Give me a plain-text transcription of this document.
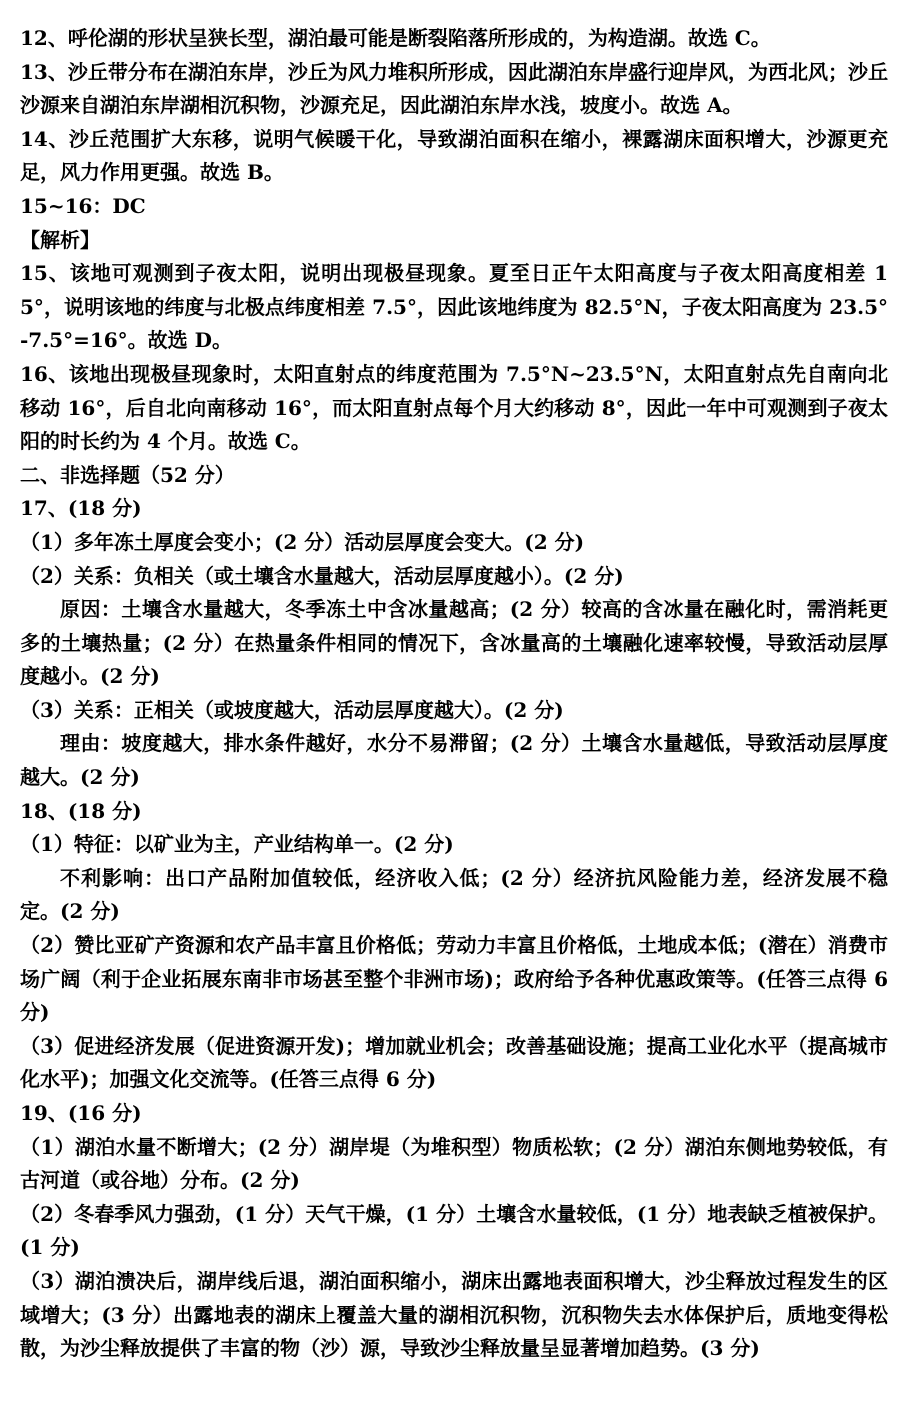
12、呼伦湖的形状呈狭长型，湖泊最可能是断裂陷落所形成的，为构造湖。故选 C。

13、沙丘带分布在湖泊东岸，沙丘为风力堆积所形成，因此湖泊东岸盛行迎岸风，为西北风；沙丘沙源来自湖泊东岸湖相沉积物，沙源充足，因此湖泊东岸水浅，坡度小。故选 A。

14、沙丘范围扩大东移，说明气候暖干化，导致湖泊面积在缩小，裸露湖床面积增大，沙源更充足，风力作用更强。故选 B。

15~16：DC

【解析】

15、该地可观测到子夜太阳，说明出现极昼现象。夏至日正午太阳高度与子夜太阳高度相差 15°，说明该地的纬度与北极点纬度相差 7.5°，因此该地纬度为 82.5°N，子夜太阳高度为 23.5°-7.5°=16°。故选 D。

16、该地出现极昼现象时，太阳直射点的纬度范围为 7.5°N~23.5°N，太阳直射点先自南向北移动 16°，后自北向南移动 16°，而太阳直射点每个月大约移动 8°，因此一年中可观测到子夜太阳的时长约为 4 个月。故选 C。

二、非选择题（52 分）

17、(18 分)

（1）多年冻土厚度会变小；(2 分）活动层厚度会变大。(2 分)

（2）关系：负相关（或土壤含水量越大，活动层厚度越小）。(2 分)

原因：土壤含水量越大，冬季冻土中含冰量越高；(2 分）较高的含冰量在融化时，需消耗更多的土壤热量；(2 分）在热量条件相同的情况下，含冰量高的土壤融化速率较慢，导致活动层厚度越小。(2 分)

（3）关系：正相关（或坡度越大，活动层厚度越大）。(2 分)

理由：坡度越大，排水条件越好，水分不易滞留；(2 分）土壤含水量越低，导致活动层厚度越大。(2 分)

18、(18 分)

（1）特征：以矿业为主，产业结构单一。(2 分)

不利影响：出口产品附加值较低，经济收入低；(2 分）经济抗风险能力差，经济发展不稳定。(2 分)

（2）赞比亚矿产资源和农产品丰富且价格低；劳动力丰富且价格低，土地成本低；(潜在）消费市场广阔（利于企业拓展东南非市场甚至整个非洲市场)；政府给予各种优惠政策等。(任答三点得 6 分)

（3）促进经济发展（促进资源开发)；增加就业机会；改善基础设施；提高工业化水平（提高城市化水平)；加强文化交流等。(任答三点得 6 分)

19、(16 分)

（1）湖泊水量不断增大；(2 分）湖岸堤（为堆积型）物质松软；(2 分）湖泊东侧地势较低，有古河道（或谷地）分布。(2 分)

（2）冬春季风力强劲，(1 分）天气干燥，(1 分）土壤含水量较低，(1 分）地表缺乏植被保护。(1 分)

（3）湖泊溃决后，湖岸线后退，湖泊面积缩小，湖床出露地表面积增大，沙尘释放过程发生的区域增大；(3 分）出露地表的湖床上覆盖大量的湖相沉积物，沉积物失去水体保护后，质地变得松散，为沙尘释放提供了丰富的物（沙）源，导致沙尘释放量呈显著增加趋势。(3 分)
